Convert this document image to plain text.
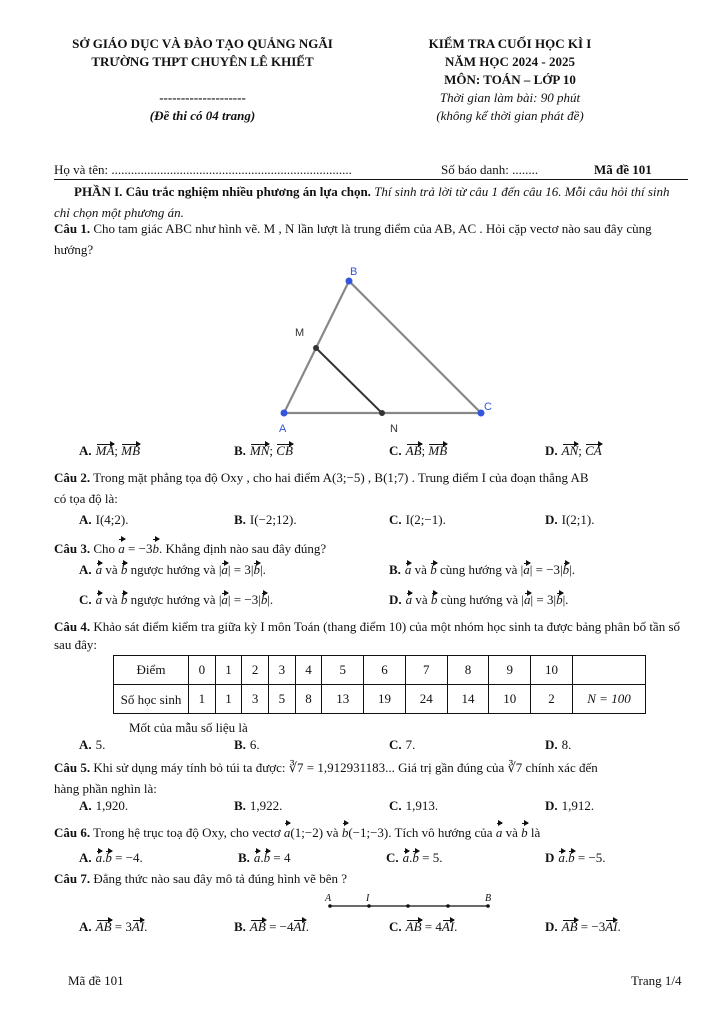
SỞ GIÁO DỤC VÀ ĐÀO TẠO QUẢNG NGÃI
TRƯỜNG THPT CHUYÊN LÊ KHIẾT
--------------------
(Đề thi có 04 trang)
KIỂM TRA CUỐI HỌC KÌ I
NĂM HỌC 2024 - 2025
MÔN: TOÁN – LỚP 10
Thời gian làm bài: 90 phút
(không kể thời gian phát đề)
Họ và tên: ..........................................................................	Số báo danh: ........	Mã đề 101
PHẦN I. Câu trắc nghiệm nhiều phương án lựa chọn. Thí sinh trả lời từ câu 1 đến câu 16. Mỗi câu hỏi thí sinh chỉ chọn một phương án.
Câu 1. Cho tam giác ABC như hình vẽ. M , N lần lượt là trung điểm của AB, AC . Hỏi cặp vectơ nào sau đây cùng hướng?
B
M
A	N
C
A. MA; MB	B. MN; CB	C. AB; MB	D. AN; CA
Câu 2. Trong mặt phẳng tọa độ Oxy , cho hai điểm A(3;−5) , B(1;7) . Trung điểm I của đoạn thẳng AB
có tọa độ là:
A. I(4;2).	B. I(−2;12).	C. I(2;−1).	D. I(2;1).
Câu 3. Cho a = −3b. Khẳng định nào sau đây đúng?
A. a và b ngược hướng và |a| = 3|b|.	B. a và b cùng hướng và |a| = −3|b|.
C. a và b ngược hướng và |a| = −3|b|.	D. a và b cùng hướng và |a| = 3|b|.
Câu 4. Khảo sát điểm kiểm tra giữa kỳ I môn Toán (thang điểm 10) của một nhóm học sinh ta được bảng phân bố tần số sau đây:
Điểm	0	1	2	3	4	5	6	7	8	9	10	
Số học sinh	1	1	3	5	8	13	19	24	14	10	2	N = 100
Mốt của mẫu số liệu là
A. 5.	B. 6.	C. 7.	D. 8.
Câu 5. Khi sử dụng máy tính bỏ túi ta được: ∛7 = 1,912931183... Giá trị gần đúng của ∛7 chính xác đến
hàng phần nghìn là:
A. 1,920.	B. 1,922.	C. 1,913.	D. 1,912.
Câu 6. Trong hệ trục toạ độ Oxy, cho vectơ a(1;−2) và b(−1;−3). Tích vô hướng của a và b là
A. a.b = −4.	B. a.b = 4	C. a.b = 5.	D a.b = −5.
Câu 7. Đẳng thức nào sau đây mô tả đúng hình vẽ bên ?
A	I	B
A. AB = 3AI.	B. AB = −4AI.	C. AB = 4AI.	D. AB = −3AI.
Mã đề 101	Trang 1/4
